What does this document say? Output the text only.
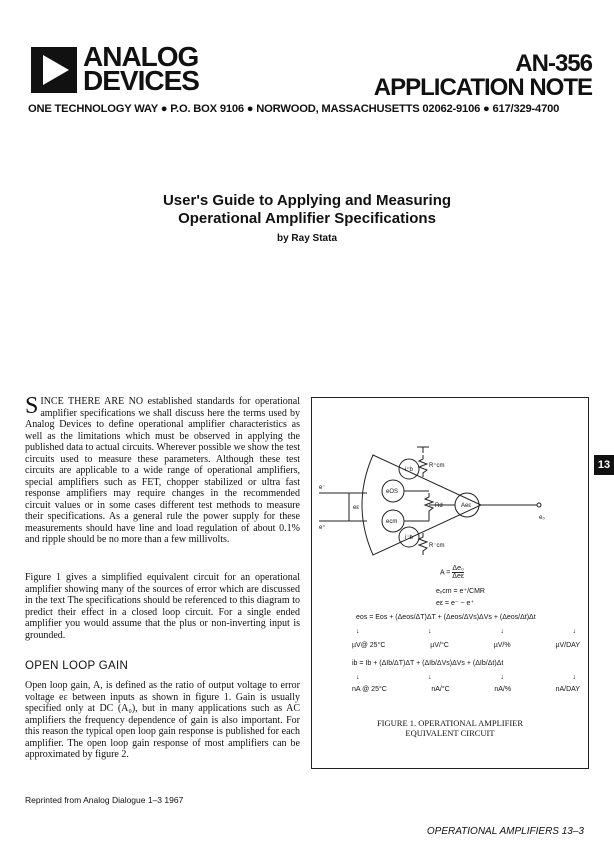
ANALOG
DEVICES
AN-356
APPLICATION NOTE
ONE TECHNOLOGY WAY ● P.O. BOX 9106 ● NORWOOD, MASSACHUSETTS 02062-9106 ● 617/329-4700
User's Guide to Applying and Measuring
Operational Amplifier Specifications
by Ray Stata
SINCE THERE ARE NO established standards for operational amplifier specifications we shall discuss here the terms used by Analog Devices to define operational amplifier characteristics as well as the limitations which must be observed in applying the published data to actual circuits. Wherever possible we show the test circuits used to measure these parameters. Although these test circuits are applicable to a wide range of operational amplifiers, special amplifiers such as FET, chopper stabilized or ultra fast response amplifiers may require changes in the recommended circuit values or in some cases different test methods to measure their specifications. As a general rule the power supply for these measurements should have line and load regulation of about 0.1% and ripple should be no more than a few millivolts.
Figure 1 gives a simplified equivalent circuit for an operational amplifier showing many of the sources of error which are discussed in the text The specifications should be referenced to this diagram to predict their effect in a closed loop circuit. For a single ended amplifier you would assume that the plus or non-inverting input is grounded.
OPEN LOOP GAIN
Open loop gain, A, is defined as the ratio of output voltage to error voltage eε between inputs as shown in figure 1. Gain is usually specified only at DC (A₀), but in many applications such as AC amplifiers the frequency dependence of gain is also important. For this reason the typical open loop gain response is published for each amplifier. The open loop gain response of most amplifiers can be approximated by figure 2.
13
i⁺b
i⁻b
eOS
ecm
R⁺cm
R⁻cm
Rd	Aeε
e⁻
e⁺
eε
e₀
A =
Δe₀
Δeε
eₓcm = e⁺/CMR
eε = e⁻ − e⁺
eos = Eos + (Δeos/ΔT)ΔT + (Δeos/ΔVs)ΔVs + (Δeos/Δt)Δt
↓	↓	↓	↓
µV@ 25°C	µV/°C	µV/%	µV/DAY
ib = Ib + (ΔIb/ΔT)ΔT + (ΔIb/ΔVs)ΔVs + (ΔIb/Δt)Δt
↓	↓	↓	↓
nA @ 25°C	nA/°C	nA/%	nA/DAY
FIGURE 1. OPERATIONAL AMPLIFIER
EQUIVALENT CIRCUIT
Reprinted from Analog Dialogue 1–3 1967
OPERATIONAL AMPLIFIERS 13–3
